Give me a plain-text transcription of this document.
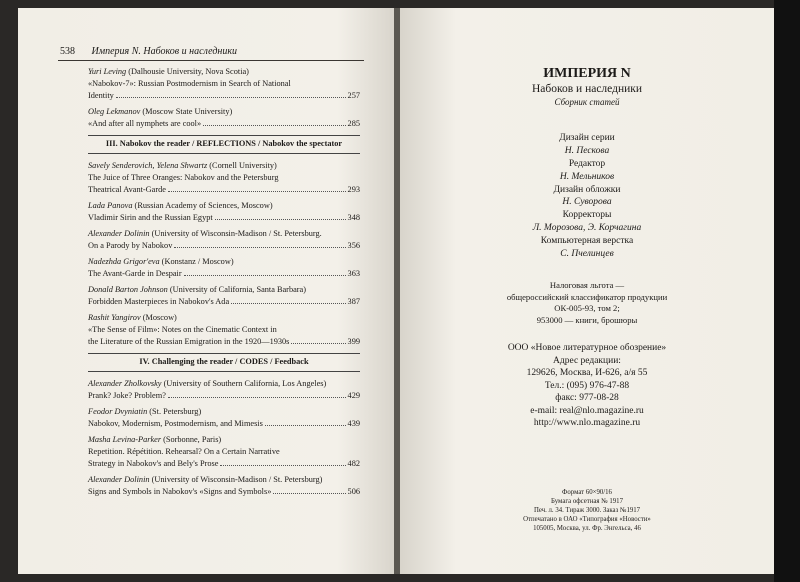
538 Империя N. Набоков и наследники
Yuri Leving (Dalhousie University, Nova Scotia)
«Nabokov-7»: Russian Postmodernism in Search of National
Identity	257
Oleg Lekmanov (Moscow State University)
«And after all nymphets are cool»	285
III. Nabokov the reader / REFLECTIONS / Nabokov the spectator
Savely Senderovich, Yelena Shwartz (Cornell University)
The Juice of Three Oranges: Nabokov and the Petersburg
Theatrical Avant-Garde	293
Lada Panova (Russian Academy of Sciences, Moscow)
Vladimir Sirin and the Russian Egypt	348
Alexander Dolinin (University of Wisconsin-Madison / St. Petersburg.
On a Parody by Nabokov	356
Nadezhda Grigor'eva (Konstanz / Moscow)
The Avant-Garde in Despair	363
Donald Barton Johnson (University of California, Santa Barbara)
Forbidden Masterpieces in Nabokov's Ada	387
Rashit Yangirov (Moscow)
«The Sense of Film»: Notes on the Cinematic Context in
the Literature of the Russian Emigration in the 1920—1930s	399
IV. Challenging the reader / CODES / Feedback
Alexander Zholkovsky (University of Southern California, Los Angeles)
Prank? Joke? Problem?	429
Feodor Dvyniatin (St. Petersburg)
Nabokov, Modernism, Postmodernism, and Mimesis	439
Masha Levina-Parker (Sorbonne, Paris)
Repetition. Répétition. Rehearsal? On a Certain Narrative
Strategy in Nabokov's and Bely's Prose	482
Alexander Dolinin (University of Wisconsin-Madison / St. Petersburg)
Signs and Symbols in Nabokov's «Signs and Symbols»	506
ИМПЕРИЯ N
Набоков и наследники
Сборник статей
Дизайн серии
Н. Пескова
Редактор
Н. Мельников
Дизайн обложки
Н. Суворова
Корректоры
Л. Морозова, Э. Корчагина
Компьютерная верстка
С. Пчелинцев
Налоговая льгота —
общероссийский классификатор продукции
ОК-005-93, том 2;
953000 — книги, брошюры
ООО «Новое литературное обозрение»
Адрес редакции:
129626, Москва, И-626, а/я 55
Тел.: (095) 976-47-88
факс: 977-08-28
e-mail: real@nlo.magazine.ru
http://www.nlo.magazine.ru
Формат 60×90/16
Бумага офсетная № 1917
Печ. л. 34. Тираж 3000. Заказ №1917
Отпечатано в ОАО «Типография «Новости»
105005, Москва, ул. Фр. Энгельса, 46
